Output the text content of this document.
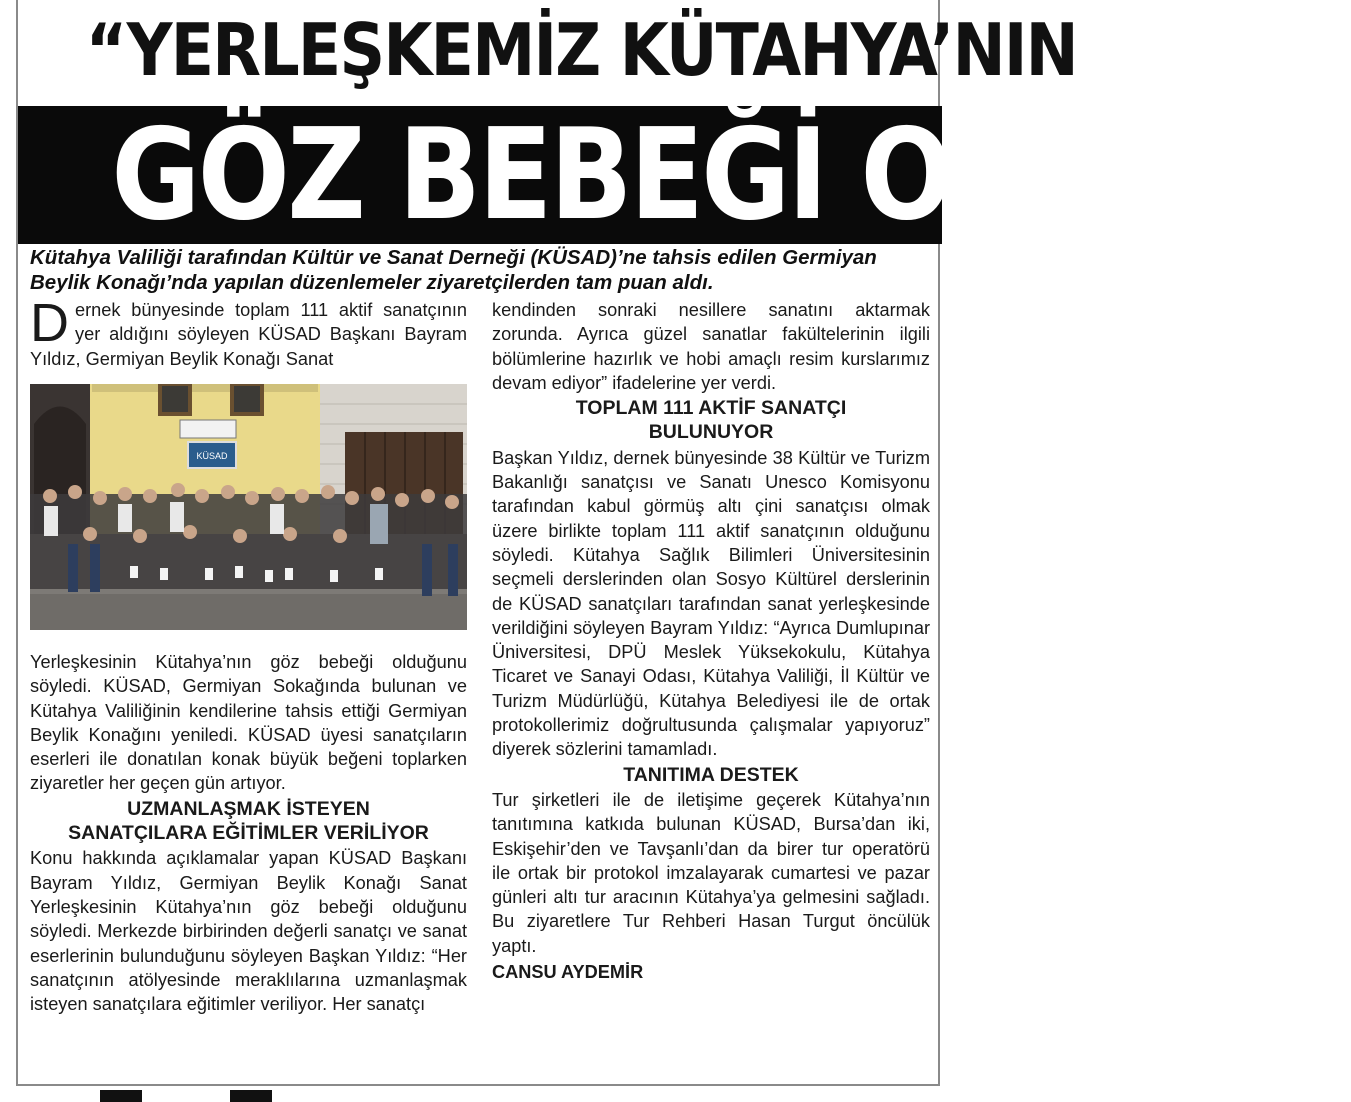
“YERLEŞKEMİZ KÜTAHYA’NIN
GÖZ BEBEĞİ OLDU”
Kütahya Valiliği tarafından Kültür ve Sanat Derneği (KÜSAD)’ne tahsis edilen Germiyan Beylik Konağı’nda yapılan düzenlemeler ziyaretçilerden tam puan aldı.

Dernek bünyesinde toplam 111 aktif sanatçının yer aldığını söyleyen KÜSAD Başkanı Bayram Yıldız, Germiyan Beylik Konağı Sanat

KÜSAD

Yerleşkesinin Kütahya’nın göz bebeği olduğunu söyledi. KÜSAD, Germiyan Sokağında bulunan ve Kütahya Valiliğinin kendilerine tahsis ettiği Germiyan Beylik Konağını yeniledi. KÜSAD üyesi sanatçıların eserleri ile donatılan konak büyük beğeni toplarken ziyaretler her geçen gün artıyor.

UZMANLAŞMAK İSTEYEN
SANATÇILARA EĞİTİMLER VERİLİYOR

Konu hakkında açıklamalar yapan KÜSAD Başkanı Bayram Yıldız, Germiyan Beylik Konağı Sanat Yerleşkesinin Kütahya’nın göz bebeği olduğunu söyledi. Merkezde birbirinden değerli sanatçı ve sanat eserlerinin bulunduğunu söyleyen Başkan Yıldız: “Her sanatçının atölyesinde meraklılarına uzmanlaşmak isteyen sanatçılara eğitimler veriliyor. Her sanatçı

kendinden sonraki nesillere sanatını aktarmak zorunda. Ayrıca güzel sanatlar fakültelerinin ilgili bölümlerine hazırlık ve hobi amaçlı resim kurslarımız devam ediyor” ifadelerine yer verdi.

TOPLAM 111 AKTİF SANATÇI
BULUNUYOR

Başkan Yıldız, dernek bünyesinde 38 Kültür ve Turizm Bakanlığı sanatçısı ve Sanatı Unesco Komisyonu tarafından kabul görmüş altı çini sanatçısı olmak üzere birlikte toplam 111 aktif sanatçının olduğunu söyledi. Kütahya Sağlık Bilimleri Üniversitesinin seçmeli derslerinden olan Sosyo Kültürel derslerinin de KÜSAD sanatçıları tarafından sanat yerleşkesinde verildiğini söyleyen Bayram Yıldız: “Ayrıca Dumlupınar Üniversitesi, DPÜ Meslek Yüksekokulu, Kütahya Ticaret ve Sanayi Odası, Kütahya Valiliği, İl Kültür ve Turizm Müdürlüğü, Kütahya Belediyesi ile de ortak protokollerimiz doğrultusunda çalışmalar yapıyoruz” diyerek sözlerini tamamladı.

TANITIMA DESTEK

Tur şirketleri ile de iletişime geçerek Kütahya’nın tanıtımına katkıda bulunan KÜSAD, Bursa’dan iki, Eskişehir’den ve Tavşanlı’dan da birer tur operatörü ile ortak bir protokol imzalayarak cumartesi ve pazar günleri altı tur aracının Kütahya’ya gelmesini sağladı. Bu ziyaretlere Tur Rehberi Hasan Turgut öncülük yaptı.

CANSU AYDEMİR
